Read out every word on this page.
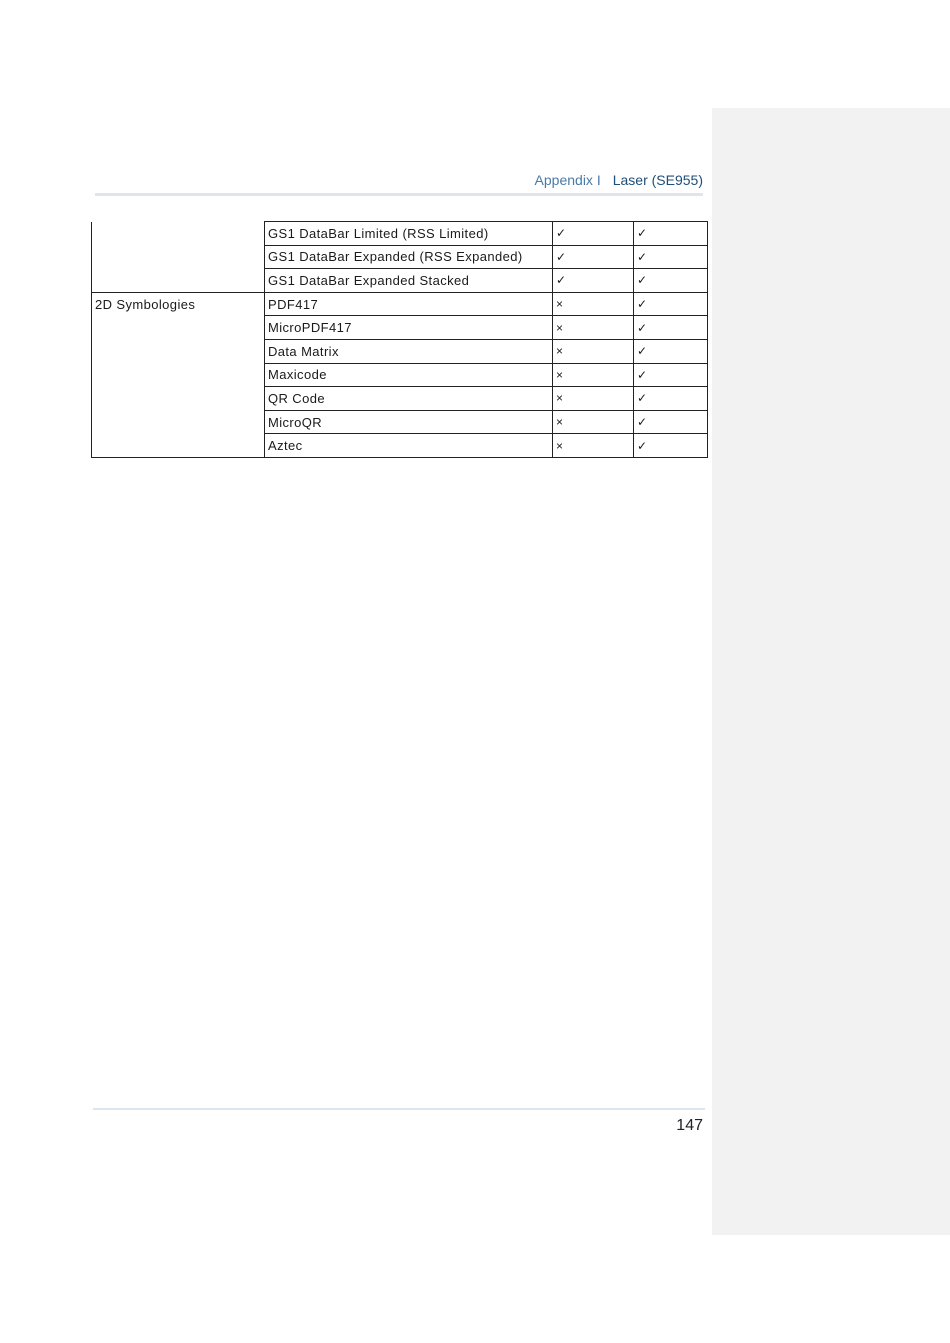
Appendix I Laser (SE955)
	GS1 DataBar Limited (RSS Limited)	✓	✓
	GS1 DataBar Expanded (RSS Expanded)	✓	✓
	GS1 DataBar Expanded Stacked	✓	✓
2D Symbologies	PDF417	×	✓
	MicroPDF417	×	✓
	Data Matrix	×	✓
	Maxicode	×	✓
	QR Code	×	✓
	MicroQR	×	✓
	Aztec	×	✓
147
